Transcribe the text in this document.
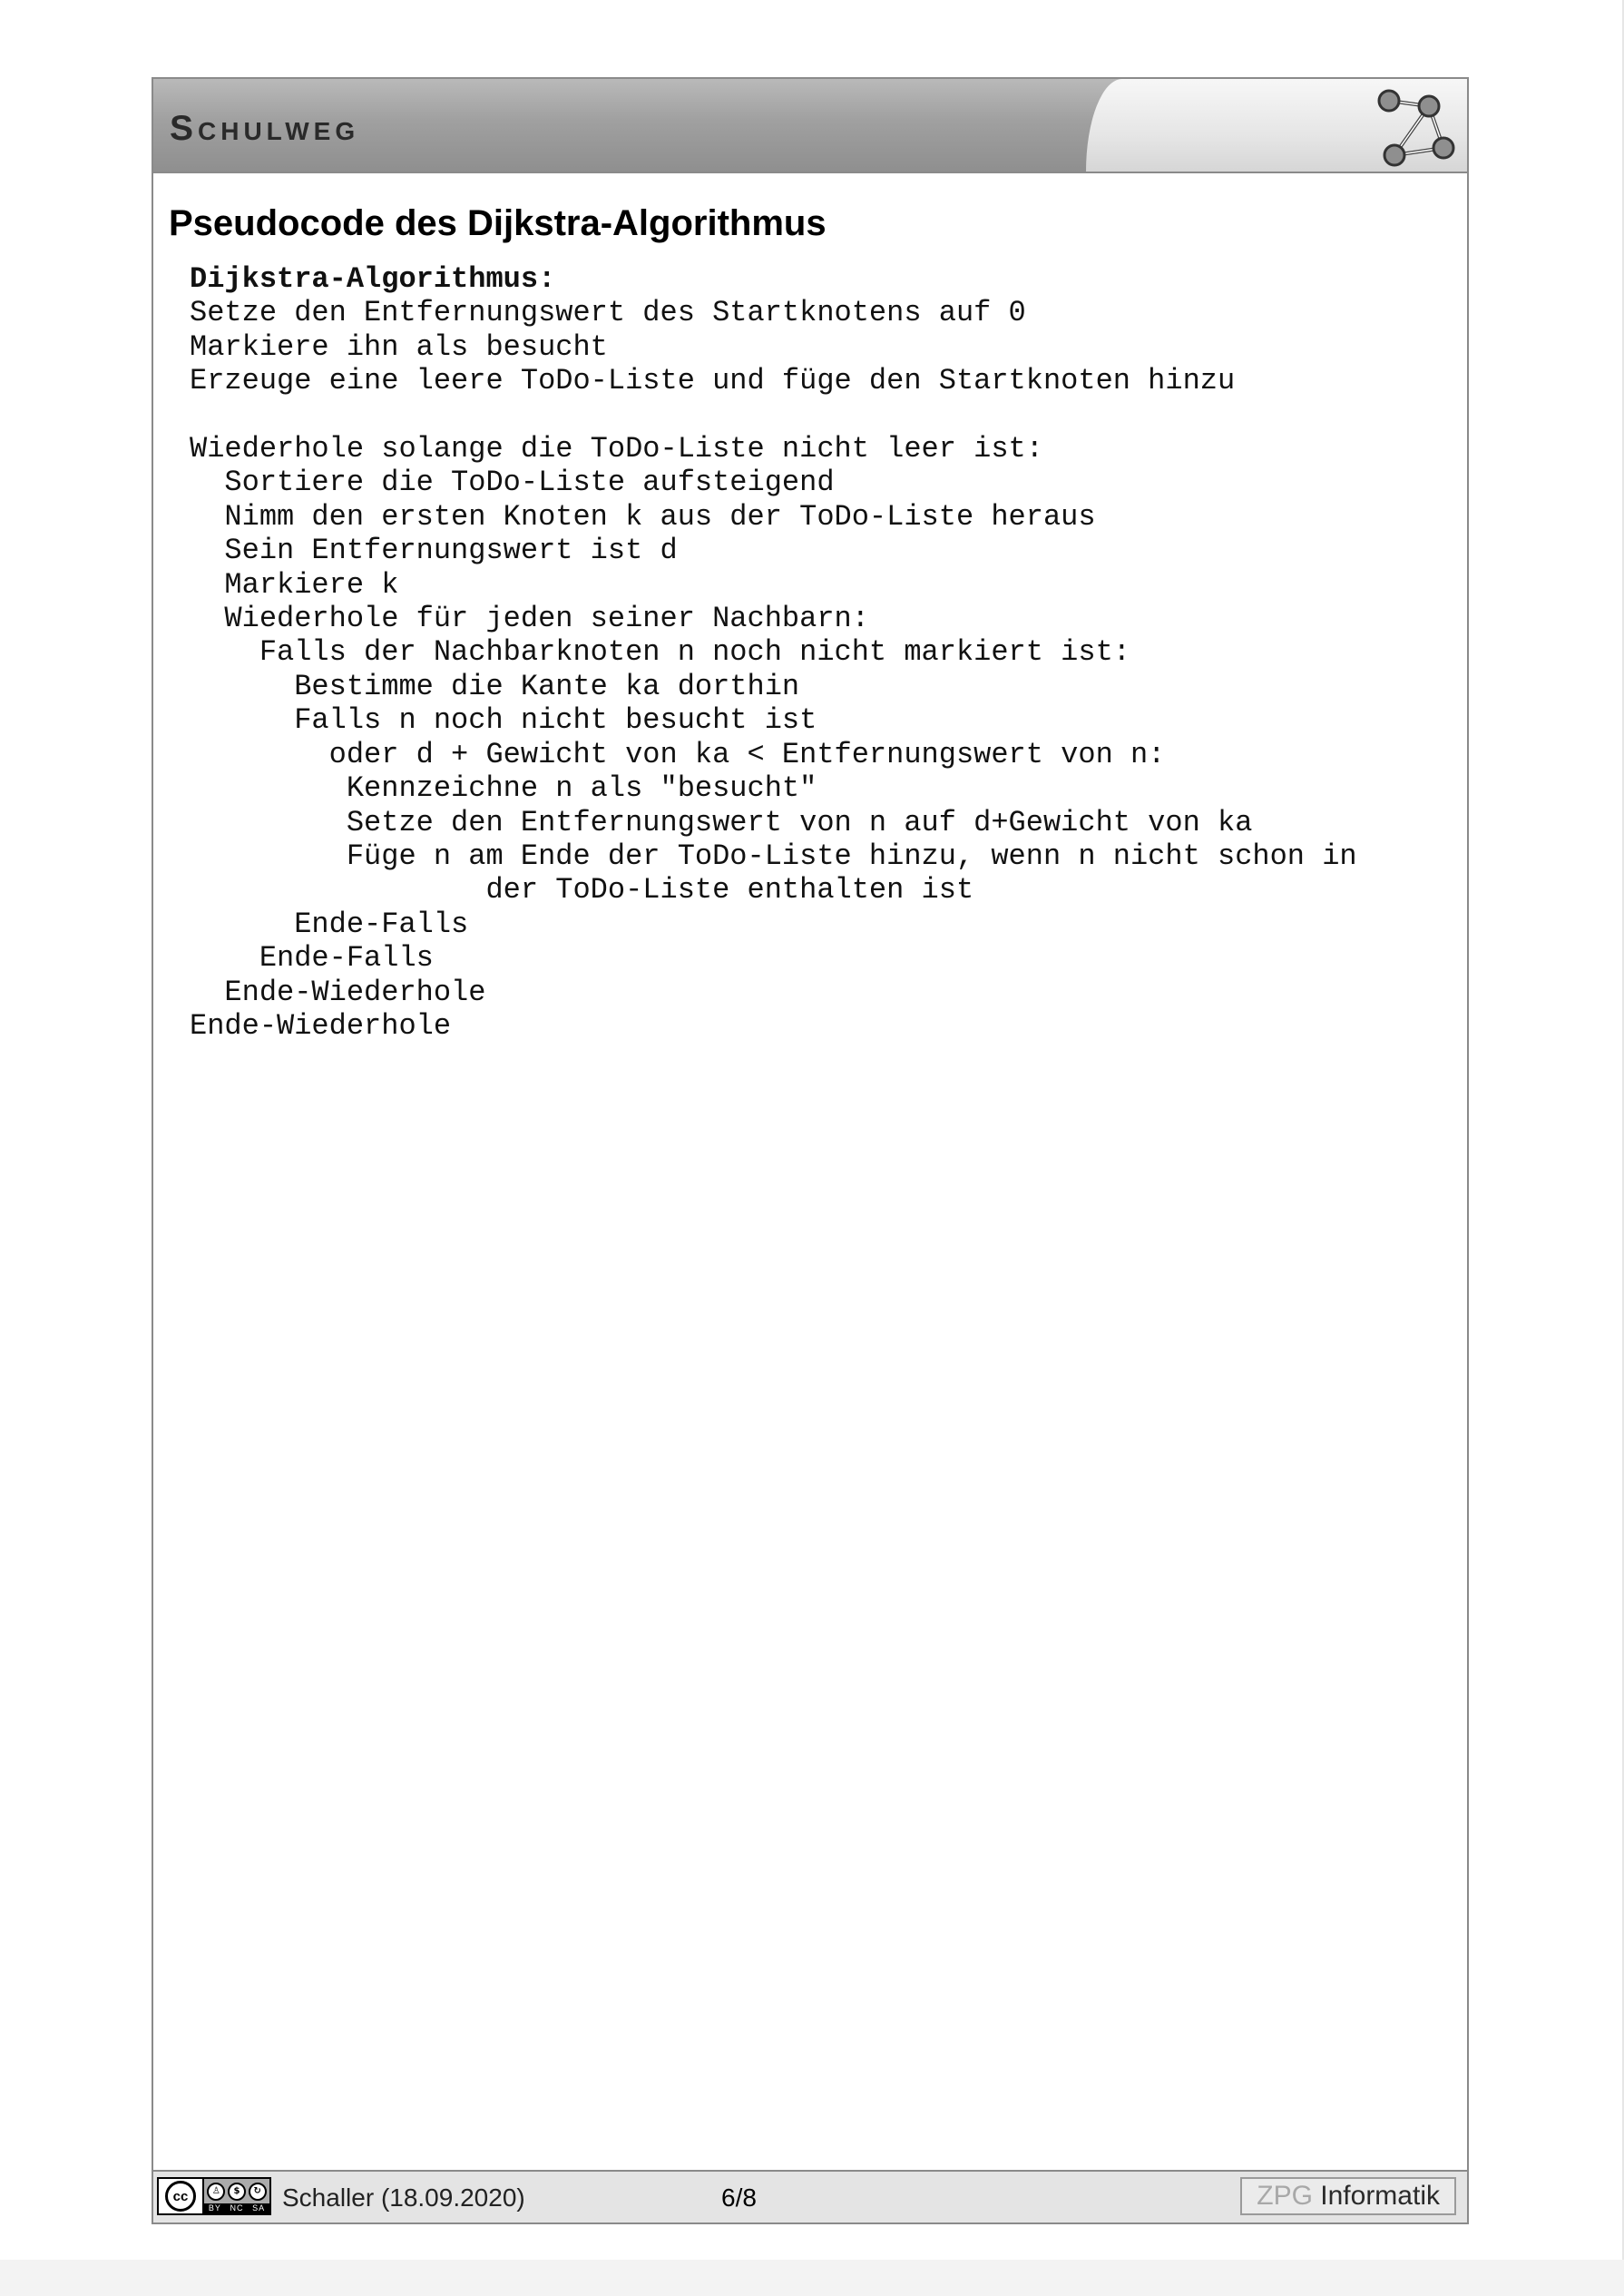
schulweg
Pseudocode des Dijkstra-Algorithmus
Dijkstra-Algorithmus:
Setze den Entfernungswert des Startknotens auf 0
Markiere ihn als besucht
Erzeuge eine leere ToDo-Liste und füge den Startknoten hinzu

Wiederhole solange die ToDo-Liste nicht leer ist:
Sortiere die ToDo-Liste aufsteigend
Nimm den ersten Knoten k aus der ToDo-Liste heraus
Sein Entfernungswert ist d
Markiere k
Wiederhole für jeden seiner Nachbarn:
Falls der Nachbarknoten n noch nicht markiert ist:
Bestimme die Kante ka dorthin
Falls n noch nicht besucht ist
oder d + Gewicht von ka < Entfernungswert von n:
Kennzeichne n als "besucht"
Setze den Entfernungswert von n auf d+Gewicht von ka
Füge n am Ende der ToDo-Liste hinzu, wenn n nicht schon in
der ToDo-Liste enthalten ist
Ende-Falls
Ende-Falls
Ende-Wiederhole
Ende-Wiederhole
cc	♙	$	↻
BY NC SA Schaller (18.09.2020)	6/8	ZPG Informatik
